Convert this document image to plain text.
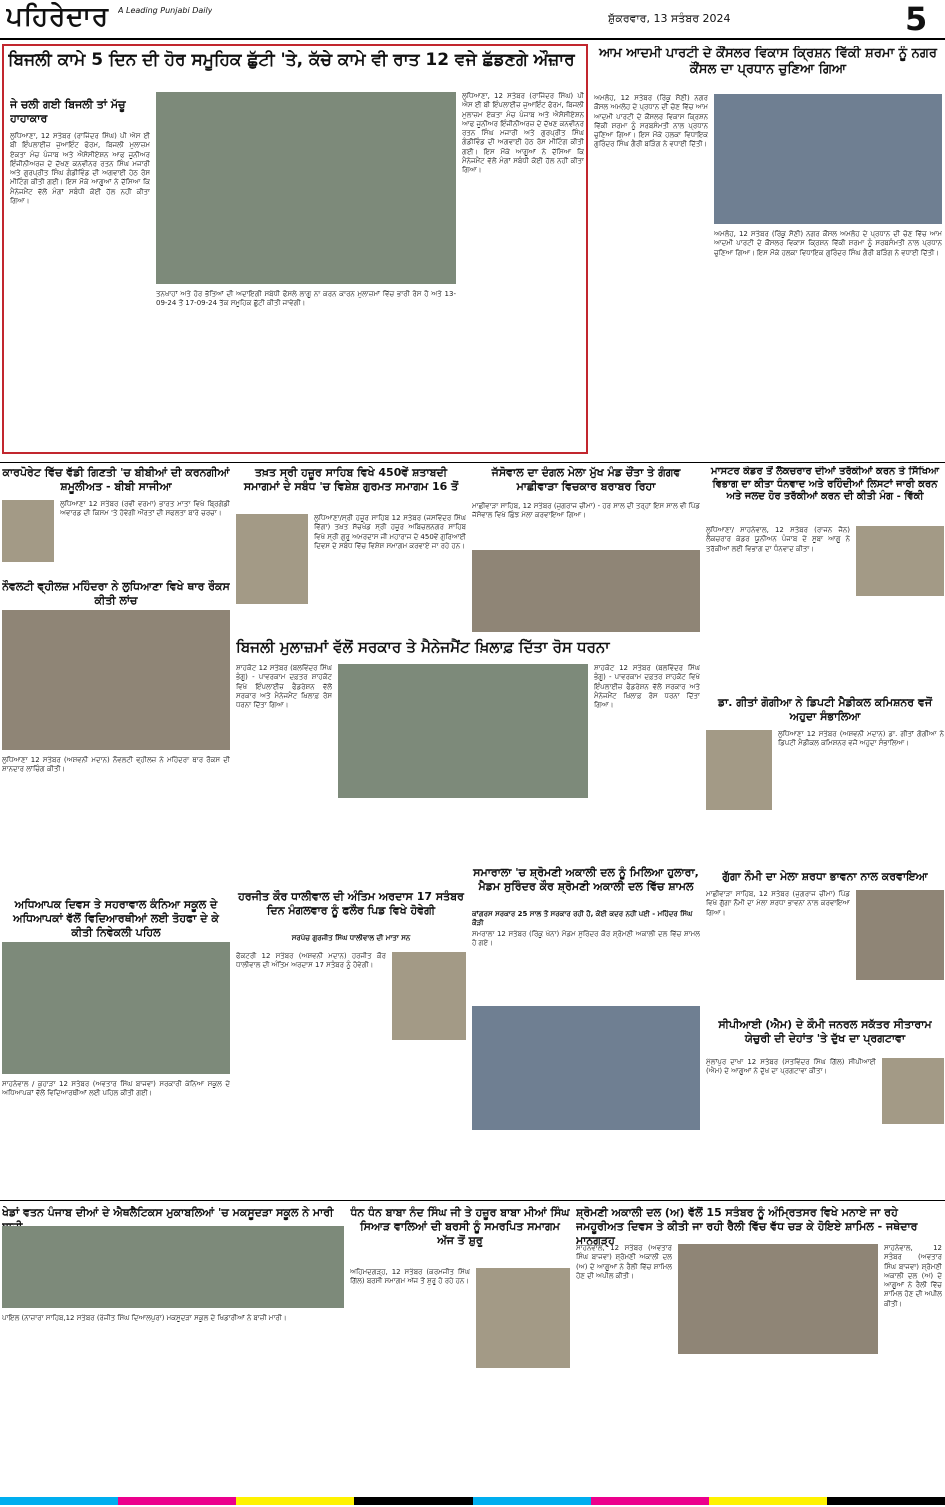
ਪਹਿਰੇਦਾਰ A Leading Punjabi Daily
ਸ਼ੁੱਕਰਵਾਰ, 13 ਸਤੰਬਰ 2024	5
ਬਿਜਲੀ ਕਾਮੇ 5 ਦਿਨ ਦੀ ਹੋਰ ਸਮੂਹਿਕ ਛੁੱਟੀ 'ਤੇ, ਕੱਚੇ ਕਾਮੇ ਵੀ ਰਾਤ 12 ਵਜੇ ਛੱਡਣਗੇ ਔਜ਼ਾਰ
ਜੇ ਚਲੀ ਗਈ ਬਿਜਲੀ ਤਾਂ ਮੱਚੂ ਹਾਹਾਕਾਰ
ਲੁਧਿਆਣਾ, 12 ਸਤੰਬਰ (ਰਾਜਿੰਦਰ ਸਿੰਘ) ਪੀ ਐਸ ਈ ਬੀ ਇੰਪਲਾਈਜ਼ ਜੁਆਇੰਟ ਫੋਰਮ, ਬਿਜਲੀ ਮੁਲਾਜ਼ਮ ਏਕਤਾ ਮੰਚ ਪੰਜਾਬ ਅਤੇ ਐਸੋਸੀਏਸ਼ਨ ਆਫ ਜੂਨੀਅਰ ਇੰਜੀਨੀਅਰਜ਼ ਦੇ ਦੱਖਣ ਕਨਵੀਨਰ ਰਤਨ ਸਿੰਘ ਮਜਾਰੀ ਅਤੇ ਗੁਰਪ੍ਰੀਤ ਸਿੰਘ ਗੰਡੀਵਿੰਡ ਦੀ ਅਗਵਾਈ ਹੇਠ ਰੋਸ ਮੀਟਿੰਗ ਕੀਤੀ ਗਈ। ਇਸ ਮੌਕੇ ਆਗੂਆਂ ਨੇ ਦੱਸਿਆ ਕਿ ਮੈਨੇਜਮੈਂਟ ਵੱਲੋਂ ਮੰਗਾਂ ਸਬੰਧੀ ਕੋਈ ਹੱਲ ਨਹੀਂ ਕੀਤਾ ਗਿਆ।
ਤਨਖਾਹਾਂ ਅਤੇ ਹੋਰ ਭੱਤਿਆਂ ਦੀ ਅਦਾਇਗੀ ਸਬੰਧੀ ਫੈਸਲੇ ਲਾਗੂ ਨਾ ਕਰਨ ਕਾਰਨ ਮੁਲਾਜ਼ਮਾਂ ਵਿੱਚ ਭਾਰੀ ਰੋਸ ਹੈ ਅਤੇ 13-09-24 ਤੋਂ 17-09-24 ਤੱਕ ਸਮੂਹਿਕ ਛੁੱਟੀ ਕੀਤੀ ਜਾਵੇਗੀ।
ਲੁਧਿਆਣਾ, 12 ਸਤੰਬਰ (ਰਾਜਿੰਦਰ ਸਿੰਘ) ਪੀ ਐਸ ਈ ਬੀ ਇੰਪਲਾਈਜ਼ ਜੁਆਇੰਟ ਫੋਰਮ, ਬਿਜਲੀ ਮੁਲਾਜ਼ਮ ਏਕਤਾ ਮੰਚ ਪੰਜਾਬ ਅਤੇ ਐਸੋਸੀਏਸ਼ਨ ਆਫ ਜੂਨੀਅਰ ਇੰਜੀਨੀਅਰਜ਼ ਦੇ ਦੱਖਣ ਕਨਵੀਨਰ ਰਤਨ ਸਿੰਘ ਮਜਾਰੀ ਅਤੇ ਗੁਰਪ੍ਰੀਤ ਸਿੰਘ ਗੰਡੀਵਿੰਡ ਦੀ ਅਗਵਾਈ ਹੇਠ ਰੋਸ ਮੀਟਿੰਗ ਕੀਤੀ ਗਈ। ਇਸ ਮੌਕੇ ਆਗੂਆਂ ਨੇ ਦੱਸਿਆ ਕਿ ਮੈਨੇਜਮੈਂਟ ਵੱਲੋਂ ਮੰਗਾਂ ਸਬੰਧੀ ਕੋਈ ਹੱਲ ਨਹੀਂ ਕੀਤਾ ਗਿਆ।
ਆਮ ਆਦਮੀ ਪਾਰਟੀ ਦੇ ਕੌਂਸਲਰ ਵਿਕਾਸ ਕ੍ਰਿਸ਼ਨ ਵਿੱਕੀ ਸ਼ਰਮਾ ਨੂੰ ਨਗਰ ਕੌਂਸਲ ਦਾ ਪ੍ਰਧਾਨ ਚੁਣਿਆ ਗਿਆ
ਅਮਲੋਹ, 12 ਸਤੰਬਰ (ਰਿੰਕੂ ਸੈਣੀ) ਨਗਰ ਕੌਂਸਲ ਅਮਲੋਹ ਦੇ ਪ੍ਰਧਾਨ ਦੀ ਚੋਣ ਵਿੱਚ ਆਮ ਆਦਮੀ ਪਾਰਟੀ ਦੇ ਕੌਂਸਲਰ ਵਿਕਾਸ ਕ੍ਰਿਸ਼ਨ ਵਿੱਕੀ ਸ਼ਰਮਾ ਨੂੰ ਸਰਬਸੰਮਤੀ ਨਾਲ ਪ੍ਰਧਾਨ ਚੁਣਿਆ ਗਿਆ। ਇਸ ਮੌਕੇ ਹਲਕਾ ਵਿਧਾਇਕ ਗੁਰਿੰਦਰ ਸਿੰਘ ਗੈਰੀ ਬੜਿੰਗ ਨੇ ਵਧਾਈ ਦਿੱਤੀ।
ਅਮਲੋਹ, 12 ਸਤੰਬਰ (ਰਿੰਕੂ ਸੈਣੀ) ਨਗਰ ਕੌਂਸਲ ਅਮਲੋਹ ਦੇ ਪ੍ਰਧਾਨ ਦੀ ਚੋਣ ਵਿੱਚ ਆਮ ਆਦਮੀ ਪਾਰਟੀ ਦੇ ਕੌਂਸਲਰ ਵਿਕਾਸ ਕ੍ਰਿਸ਼ਨ ਵਿੱਕੀ ਸ਼ਰਮਾ ਨੂੰ ਸਰਬਸੰਮਤੀ ਨਾਲ ਪ੍ਰਧਾਨ ਚੁਣਿਆ ਗਿਆ। ਇਸ ਮੌਕੇ ਹਲਕਾ ਵਿਧਾਇਕ ਗੁਰਿੰਦਰ ਸਿੰਘ ਗੈਰੀ ਬੜਿੰਗ ਨੇ ਵਧਾਈ ਦਿੱਤੀ।
ਕਾਰਪੋਰੇਟ ਵਿੱਚ ਵੱਡੀ ਗਿਣਤੀ 'ਚ ਬੀਬੀਆਂ ਦੀ ਕਰਨਗੀਆਂ ਸ਼ਮੂਲੀਅਤ - ਬੀਬੀ ਸਾਜੀਆ
ਲੁਧਿਆਣਾ 12 ਸਤੰਬਰ (ਰਵੀ ਵਰਮਾ) ਭਾਰਤ ਮਾਤਾ ਵਿਖੇ ਬ੍ਰਿਗੇਡੀ ਅਵਾਰਡ ਦੀ ਕਿਸਮ 'ਤੇ ਹੋਵੇਗੀ ਔਰਤਾਂ ਦੀ ਸਫਲਤਾ ਬਾਰੇ ਚਰਚਾ।
ਨੌਵਲਟੀ ਵ੍ਹੀਲਜ਼ ਮਹਿੰਦਰਾ ਨੇ ਲੁਧਿਆਣਾ ਵਿਖੇ ਥਾਰ ਰੌਕਸ ਕੀਤੀ ਲਾਂਚ
ਲੁਧਿਆਣਾ 12 ਸਤੰਬਰ (ਅਸ਼ਵਨੀ ਮਦਾਨ) ਨੌਵਲਟੀ ਵ੍ਹੀਲਜ਼ ਨੇ ਮਹਿੰਦਰਾ ਥਾਰ ਰੌਕਸ ਦੀ ਸ਼ਾਨਦਾਰ ਲਾਂਚਿੰਗ ਕੀਤੀ।
ਅਧਿਆਪਕ ਦਿਵਸ ਤੇ ਸਹਰਾਵਾਲ ਕੰਨਿਆ ਸਕੂਲ ਦੇ ਅਧਿਆਪਕਾਂ ਵੱਲੋਂ ਵਿਦਿਆਰਥੀਆਂ ਲਈ ਤੋਹਫਾ ਦੇ ਕੇ ਕੀਤੀ ਨਿਵੇਕਲੀ ਪਹਿਲ
ਸਾਹਨੇਵਾਲ / ਕੁਹਾੜਾ 12 ਸਤੰਬਰ (ਅਵਤਾਰ ਸਿੰਘ ਬਾਜਵਾ) ਸਰਕਾਰੀ ਕੰਨਿਆ ਸਕੂਲ ਦੇ ਅਧਿਆਪਕਾਂ ਵੱਲੋਂ ਵਿਦਿਆਰਥੀਆਂ ਲਈ ਪਹਿਲ ਕੀਤੀ ਗਈ।
ਤਖ਼ਤ ਸ੍ਰੀ ਹਜ਼ੂਰ ਸਾਹਿਬ ਵਿਖੇ 450ਵੇਂ ਸ਼ਤਾਬਦੀ ਸਮਾਗਮਾਂ ਦੇ ਸਬੰਧ 'ਚ ਵਿਸ਼ੇਸ਼ ਗੁਰਮਤ ਸਮਾਗਮ 16 ਤੋਂ
ਲੁਧਿਆਣਾ/ਸ੍ਰੀ ਹਜ਼ੂਰ ਸਾਹਿਬ 12 ਸਤੰਬਰ (ਜਸਵਿੰਦਰ ਸਿੰਘ ਵਿੱਗਾ) ਤਖ਼ਤ ਸੱਚਖੰਡ ਸ੍ਰੀ ਹਜ਼ੂਰ ਅਬਿਚਲਨਗਰ ਸਾਹਿਬ ਵਿਖੇ ਸ੍ਰੀ ਗੁਰੂ ਅਮਰਦਾਸ ਜੀ ਮਹਾਰਾਜ ਦੇ 450ਵੇਂ ਗੁਰਿਆਈ ਦਿਵਸ ਦੇ ਸਬੰਧ ਵਿੱਚ ਵਿਸ਼ੇਸ਼ ਸਮਾਗਮ ਕਰਵਾਏ ਜਾ ਰਹੇ ਹਨ।
ਜੱਸੋਵਾਲ ਦਾ ਦੰਗਲ ਮੇਲਾ ਮੁੱਖ ਮੰਡ ਚੌਂਤਾ ਤੇ ਗੰਗਵ ਮਾਛੀਵਾੜਾ ਵਿਚਕਾਰ ਬਰਾਬਰ ਰਿਹਾ
ਮਾਛੀਵਾੜਾ ਸਾਹਿਬ, 12 ਸਤੰਬਰ (ਜੁਗਰਾਜ ਚੀਮਾ) - ਹਰ ਸਾਲ ਦੀ ਤਰ੍ਹਾਂ ਇਸ ਸਾਲ ਵੀ ਪਿੰਡ ਜੱਸੋਵਾਲ ਵਿਖੇ ਛਿੰਝ ਮੇਲਾ ਕਰਵਾਇਆ ਗਿਆ।
ਬਿਜਲੀ ਮੁਲਾਜ਼ਮਾਂ ਵੱਲੋਂ ਸਰਕਾਰ ਤੇ ਮੈਨੇਜਮੈਂਟ ਖ਼ਿਲਾਫ਼ ਦਿੱਤਾ ਰੋਸ ਧਰਨਾ
ਸ਼ਾਹਕੋਟ 12 ਸਤੰਬਰ (ਬਲਵਿੰਦਰ ਸਿੰਘ ਭੰਗੂ) - ਪਾਵਰਕਾਮ ਦਫ਼ਤਰ ਸ਼ਾਹਕੋਟ ਵਿਖੇ ਇੰਪਲਾਈਜ਼ ਫੈਡਰੇਸ਼ਨ ਵੱਲੋਂ ਸਰਕਾਰ ਅਤੇ ਮੈਨੇਜਮੈਂਟ ਖ਼ਿਲਾਫ਼ ਰੋਸ ਧਰਨਾ ਦਿੱਤਾ ਗਿਆ।
ਸ਼ਾਹਕੋਟ 12 ਸਤੰਬਰ (ਬਲਵਿੰਦਰ ਸਿੰਘ ਭੰਗੂ) - ਪਾਵਰਕਾਮ ਦਫ਼ਤਰ ਸ਼ਾਹਕੋਟ ਵਿਖੇ ਇੰਪਲਾਈਜ਼ ਫੈਡਰੇਸ਼ਨ ਵੱਲੋਂ ਸਰਕਾਰ ਅਤੇ ਮੈਨੇਜਮੈਂਟ ਖ਼ਿਲਾਫ਼ ਰੋਸ ਧਰਨਾ ਦਿੱਤਾ ਗਿਆ।
ਹਰਜੀਤ ਕੌਰ ਧਾਲੀਵਾਲ ਦੀ ਅੰਤਿਮ ਅਰਦਾਸ 17 ਸਤੰਬਰ ਦਿਨ ਮੰਗਲਵਾਰ ਨੂੰ ਫਲੌਰ ਪਿਡ ਵਿਖੇ ਹੋਵੇਗੀ
ਸਰਪੰਚ ਗੁਰਜੀਤ ਸਿੰਘ ਧਾਲੀਵਾਲ ਦੀ ਮਾਤਾ ਸਨ
ਫੈਕਟਰੀ 12 ਸਤੰਬਰ (ਅਸ਼ਵਨੀ ਮਦਾਨ) ਹਰਜੀਤ ਕੌਰ ਧਾਲੀਵਾਲ ਦੀ ਅੰਤਿਮ ਅਰਦਾਸ 17 ਸਤੰਬਰ ਨੂੰ ਹੋਵੇਗੀ।
ਸਮਾਰਾਲਾ 'ਚ ਸ਼੍ਰੋਮਣੀ ਅਕਾਲੀ ਦਲ ਨੂੰ ਮਿਲਿਆ ਹੁਲਾਰਾ, ਮੈਡਮ ਸੁਰਿੰਦਰ ਕੌਰ ਸ਼੍ਰੋਮਣੀ ਅਕਾਲੀ ਦਲ ਵਿੱਚ ਸ਼ਾਮਲ
ਕਾਂਗਰਸ ਸਰਕਾਰ 25 ਸਾਲ ਤੋਂ ਸਰਕਾਰ ਰਹੀ ਹੈ, ਕੋਈ ਕਦਰ ਨਹੀਂ ਪਈ - ਮਹਿੰਦਰ ਸਿੰਘ ਕੌੜੀ
ਸਮਰਾਲਾ 12 ਸਤੰਬਰ (ਰਿੰਕੂ ਖੰਨਾ) ਮੈਡਮ ਸੁਰਿੰਦਰ ਕੌਰ ਸ਼੍ਰੋਮਣੀ ਅਕਾਲੀ ਦਲ ਵਿੱਚ ਸ਼ਾਮਲ ਹੋ ਗਏ।
ਮਾਸਟਰ ਕੇਡਰ ਤੋਂ ਲੈਕਚਰਾਰ ਦੀਆਂ ਤਰੱਕੀਆਂ ਕਰਨ ਤੇ ਸਿੱਖਿਆ ਵਿਭਾਗ ਦਾ ਕੀਤਾ ਧੰਨਵਾਦ ਅਤੇ ਰਹਿੰਦੀਆਂ ਲਿਸਟਾਂ ਜਾਰੀ ਕਰਨ ਅਤੇ ਜਲਦ ਹੋਰ ਤਰੱਕੀਆਂ ਕਰਨ ਦੀ ਕੀਤੀ ਮੰਗ - ਵਿੱਕੀ
ਲੁਧਿਆਣਾ/ ਸਾਹਨੇਵਾਲ, 12 ਸਤੰਬਰ (ਰਾਜਨ ਜੈਨ) ਲੈਕਚਰਾਰ ਕੇਡਰ ਯੂਨੀਅਨ ਪੰਜਾਬ ਦੇ ਸੂਬਾ ਆਗੂ ਨੇ ਤਰੱਕੀਆਂ ਲਈ ਵਿਭਾਗ ਦਾ ਧੰਨਵਾਦ ਕੀਤਾ।
ਡਾ. ਗੀਤਾਂ ਗੋਗੀਆ ਨੇ ਡਿਪਟੀ ਮੈਡੀਕਲ ਕਮਿਸ਼ਨਰ ਵਜੋਂ ਅਹੁਦਾ ਸੰਭਾਲਿਆ
ਲੁਧਿਆਣਾ 12 ਸਤੰਬਰ (ਅਸ਼ਵਨੀ ਮਦਾਨ) ਡਾ. ਗੀਤਾਂ ਗੋਗੀਆ ਨੇ ਡਿਪਟੀ ਮੈਡੀਕਲ ਕਮਿਸ਼ਨਰ ਵਜੋਂ ਅਹੁਦਾ ਸੰਭਾਲਿਆ।
ਗੁੱਗਾ ਨੌਮੀ ਦਾ ਮੇਲਾ ਸ਼ਰਧਾ ਭਾਵਨਾ ਨਾਲ ਕਰਵਾਇਆ
ਮਾਛੀਵਾੜਾ ਸਾਹਿਬ, 12 ਸਤੰਬਰ (ਜੁਗਰਾਜ ਚੀਮਾ) ਪਿੰਡ ਵਿਖੇ ਗੁੱਗਾ ਨੌਮੀ ਦਾ ਮੇਲਾ ਸ਼ਰਧਾ ਭਾਵਨਾ ਨਾਲ ਕਰਵਾਇਆ ਗਿਆ।
ਸੀਪੀਆਈ (ਐਮ) ਦੇ ਕੌਮੀ ਜਨਰਲ ਸਕੱਤਰ ਸੀਤਾਰਾਮ ਯੇਚੁਰੀ ਦੀ ਦੇਹਾਂਤ 'ਤੇ ਦੁੱਖ ਦਾ ਪ੍ਰਗਟਾਵਾ
ਮੁੱਲਾਂਪੁਰ ਦਾਖਾ 12 ਸਤੰਬਰ (ਸਤਵਿੰਦਰ ਸਿੰਘ ਗਿੱਲ) ਸੀਪੀਆਈ (ਐਮ) ਦੇ ਆਗੂਆਂ ਨੇ ਦੁੱਖ ਦਾ ਪ੍ਰਗਟਾਵਾ ਕੀਤਾ।
ਖੇਡਾਂ ਵਤਨ ਪੰਜਾਬ ਦੀਆਂ ਦੇ ਐਥਲੈਟਿਕਸ ਮੁਕਾਬਲਿਆਂ 'ਚ ਮਕਸੂਦੜਾ ਸਕੂਲ ਨੇ ਮਾਰੀ
ਪਾਇਲ (ਨਾਜ਼ਾਰਾ ਸਾਹਿਬ,12 ਸਤੰਬਰ (ਰੰਜੀਤ ਸਿੰਘ ਦਿਆਲਪੁਰਾ) ਮਕਸੂਦੜਾ ਸਕੂਲ ਦੇ ਖਿਡਾਰੀਆਂ ਨੇ ਬਾਜ਼ੀ ਮਾਰੀ।
ਧੰਨ ਧੰਨ ਬਾਬਾ ਨੰਦ ਸਿੰਘ ਜੀ ਤੇ ਹਜ਼ੂਰ ਬਾਬਾ ਮੀਆਂ ਸਿੰਘ ਸਿਆੜ ਵਾਲਿਆਂ ਦੀ ਬਰਸੀ ਨੂੰ ਸਮਰਪਿਤ ਸਮਾਗਮ ਅੱਜ ਤੋਂ ਸ਼ੁਰੂ
ਅਹਿਮਦਗੜ੍ਹ, 12 ਸਤੰਬਰ (ਕਰਮਜੀਤ ਸਿੰਘ ਗਿੱਲ) ਬਰਸੀ ਸਮਾਗਮ ਅੱਜ ਤੋਂ ਸ਼ੁਰੂ ਹੋ ਰਹੇ ਹਨ।
ਸ਼੍ਰੋਮਣੀ ਅਕਾਲੀ ਦਲ (ਅ) ਵੱਲੋਂ 15 ਸਤੰਬਰ ਨੂੰ ਅੰਮ੍ਰਿਤਸਰ ਵਿਖੇ ਮਨਾਏ ਜਾ ਰਹੇ ਜਮਹੂਰੀਅਤ ਦਿਵਸ ਤੇ ਕੀਤੀ ਜਾ ਰਹੀ ਰੈਲੀ ਵਿੱਚ ਵੱਧ ਚੜ ਕੇ ਹੋਇਏ ਸ਼ਾਮਿਲ - ਜਥੇਦਾਰ ਮਾਨਗੜ੍ਹ
ਸਾਹਨੇਵਾਲ, 12 ਸਤੰਬਰ (ਅਵਤਾਰ ਸਿੰਘ ਬਾਜਵਾ) ਸ਼੍ਰੋਮਣੀ ਅਕਾਲੀ ਦਲ (ਅ) ਦੇ ਆਗੂਆਂ ਨੇ ਰੈਲੀ ਵਿੱਚ ਸ਼ਾਮਿਲ ਹੋਣ ਦੀ ਅਪੀਲ ਕੀਤੀ।
ਸਾਹਨੇਵਾਲ, 12 ਸਤੰਬਰ (ਅਵਤਾਰ ਸਿੰਘ ਬਾਜਵਾ) ਸ਼੍ਰੋਮਣੀ ਅਕਾਲੀ ਦਲ (ਅ) ਦੇ ਆਗੂਆਂ ਨੇ ਰੈਲੀ ਵਿੱਚ ਸ਼ਾਮਿਲ ਹੋਣ ਦੀ ਅਪੀਲ ਕੀਤੀ।
